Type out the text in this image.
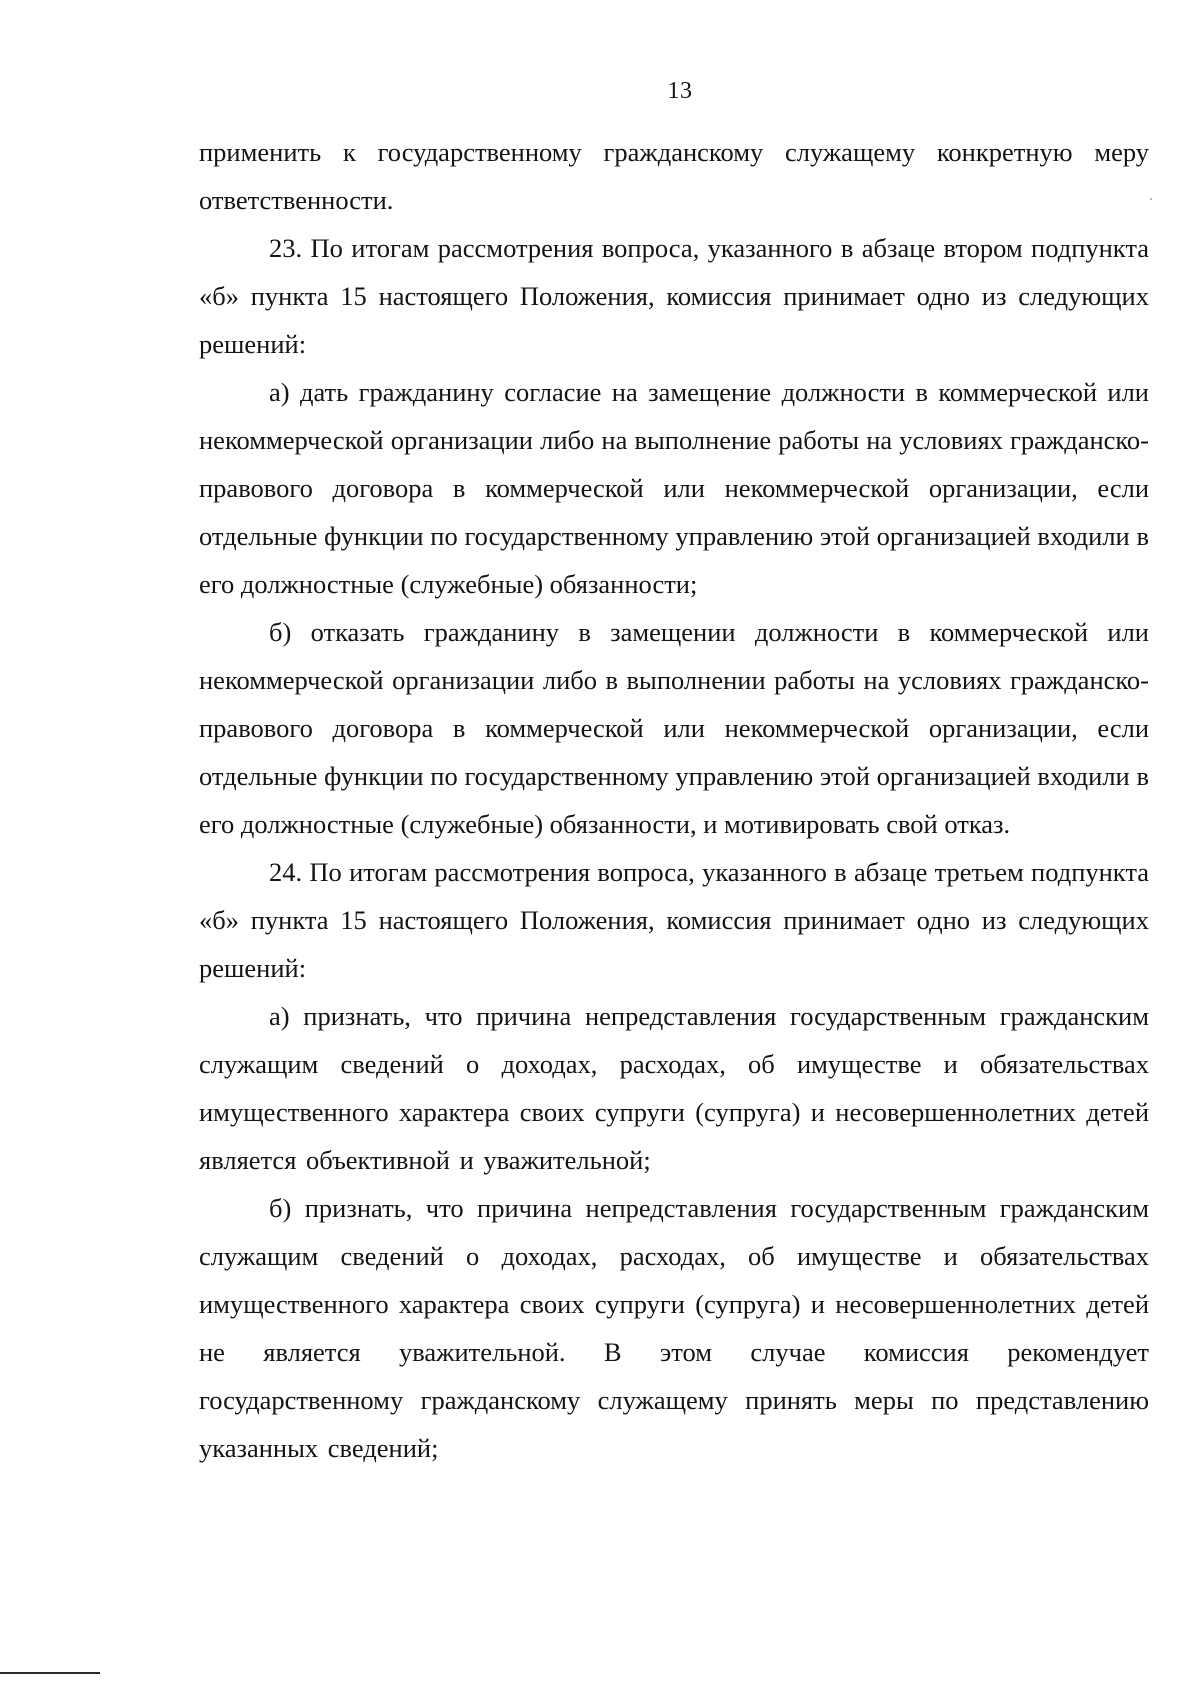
13

применить к государственному гражданскому служащему конкретную меру ответственности.

23. По итогам рассмотрения вопроса, указанного в абзаце втором подпункта «б» пункта 15 настоящего Положения, комиссия принимает одно из следующих решений:

а) дать гражданину согласие на замещение должности в коммерческой или некоммерческой организации либо на выполнение работы на условиях гражданско-правового договора в коммерческой или некоммерческой организации, если отдельные функции по государственному управлению этой организацией входили в его должностные (служебные) обязанности;

б) отказать гражданину в замещении должности в коммерческой или некоммерческой организации либо в выполнении работы на условиях гражданско-правового договора в коммерческой или некоммерческой организации, если отдельные функции по государственному управлению этой организацией входили в его должностные (служебные) обязанности, и мотивировать свой отказ.

24. По итогам рассмотрения вопроса, указанного в абзаце третьем подпункта «б» пункта 15 настоящего Положения, комиссия принимает одно из следующих решений:

а) признать, что причина непредставления государственным гражданским служащим сведений о доходах, расходах, об имуществе и обязательствах имущественного характера своих супруги (супруга) и несовершеннолетних детей является объективной и уважительной;

б) признать, что причина непредставления государственным гражданским служащим сведений о доходах, расходах, об имуществе и обязательствах имущественного характера своих супруги (супруга) и несовершеннолетних детей не является уважительной. В этом случае комиссия рекомендует государственному гражданскому служащему принять меры по представлению указанных сведений;
